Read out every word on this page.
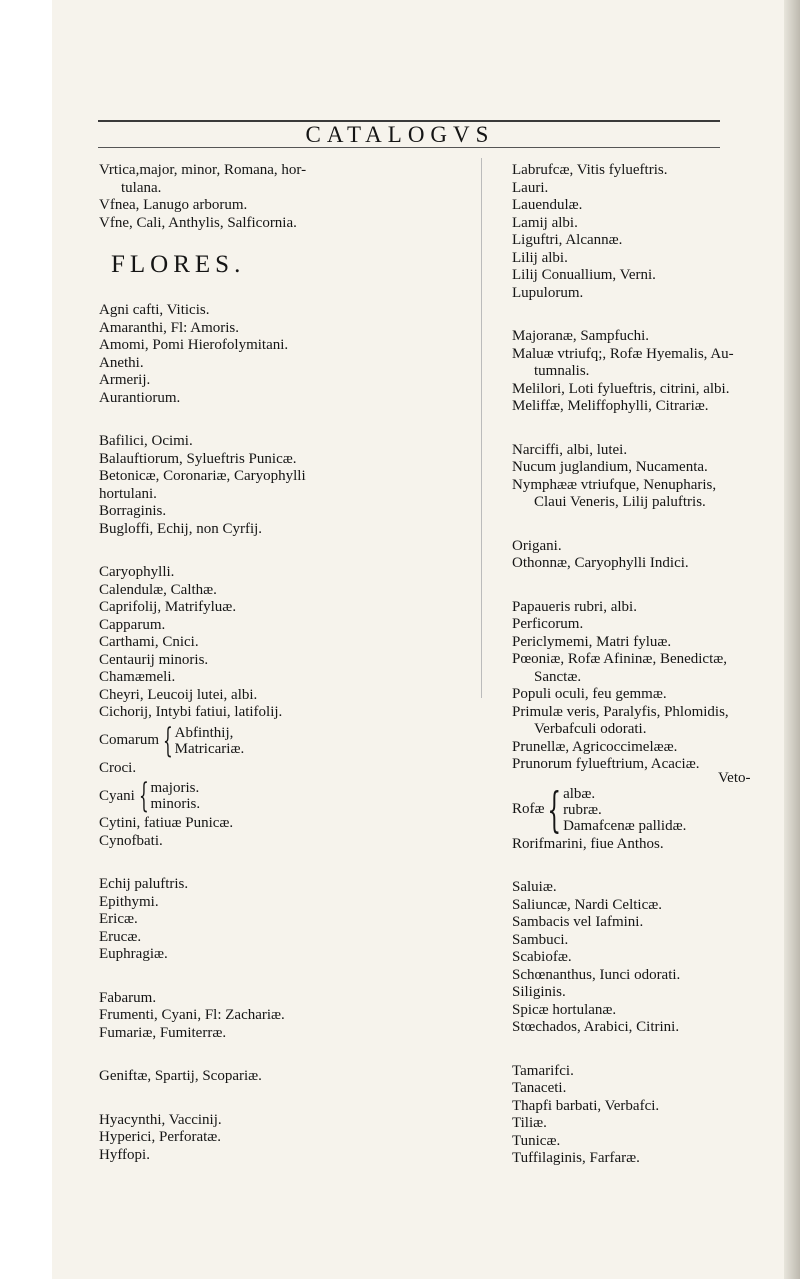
CATALOGVS
Vrtica,major, minor, Romana, hor-
tulana.
Vfnea, Lanugo arborum.
Vfne, Cali, Anthylis, Salficornia.
FLORES.
Agni cafti, Viticis.
Amaranthi, Fl: Amoris.
Amomi, Pomi Hierofolymitani.
Anethi.
Armerij.
Aurantiorum.
Bafilici, Ocimi.
Balauftiorum, Sylueftris Punicæ.
Betonicæ, Coronariæ, Caryophylli
hortulani.
Borraginis.
Bugloffi, Echij, non Cyrfij.
Caryophylli.
Calendulæ, Calthæ.
Caprifolij, Matrifyluæ.
Capparum.
Carthami, Cnici.
Centaurij minoris.
Chamæmeli.
Cheyri, Leucoij lutei, albi.
Cichorij, Intybi fatiui, latifolij.
Comarum { Abfinthij,
Matricariæ.
Croci.
Cyani { majoris.
minoris.
Cytini, fatiuæ Punicæ.
Cynofbati.
Echij paluftris.
Epithymi.
Ericæ.
Erucæ.
Euphragiæ.
Fabarum.
Frumenti, Cyani, Fl: Zachariæ.
Fumariæ, Fumiterræ.
Geniftæ, Spartij, Scopariæ.
Hyacynthi, Vaccinij.
Hyperici, Perforatæ.
Hyffopi.
Labrufcæ, Vitis fylueftris.
Lauri.
Lauendulæ.
Lamij albi.
Liguftri, Alcannæ.
Lilij albi.
Lilij Conuallium, Verni.
Lupulorum.
Majoranæ, Sampfuchi.
Maluæ vtriufq;, Rofæ Hyemalis, Au-
tumnalis.
Melilori, Loti fylueftris, citrini, albi.
Meliffæ, Meliffophylli, Citrariæ.
Narciffi, albi, lutei.
Nucum juglandium, Nucamenta.
Nymphææ vtriufque, Nenupharis,
Claui Veneris, Lilij paluftris.
Origani.
Othonnæ, Caryophylli Indici.
Papaueris rubri, albi.
Perficorum.
Periclymemi, Matri fyluæ.
Pœoniæ, Rofæ Afininæ, Benedictæ,
Sanctæ.
Populi oculi, feu gemmæ.
Primulæ veris, Paralyfis, Phlomidis,
Verbafculi odorati.
Prunellæ, Agricoccimelææ.
Prunorum fylueftrium, Acaciæ.
Rofæ { albæ.
rubræ.
Damafcenæ pallidæ.
Rorifmarini, fiue Anthos.
Saluiæ.
Saliuncæ, Nardi Celticæ.
Sambacis vel Iafmini.
Sambuci.
Scabiofæ.
Schœnanthus, Iunci odorati.
Siliginis.
Spicæ hortulanæ.
Stœchados, Arabici, Citrini.
Tamarifci.
Tanaceti.
Thapfi barbati, Verbafci.
Tiliæ.
Tunicæ.
Tuffilaginis, Farfaræ.
Veto-
